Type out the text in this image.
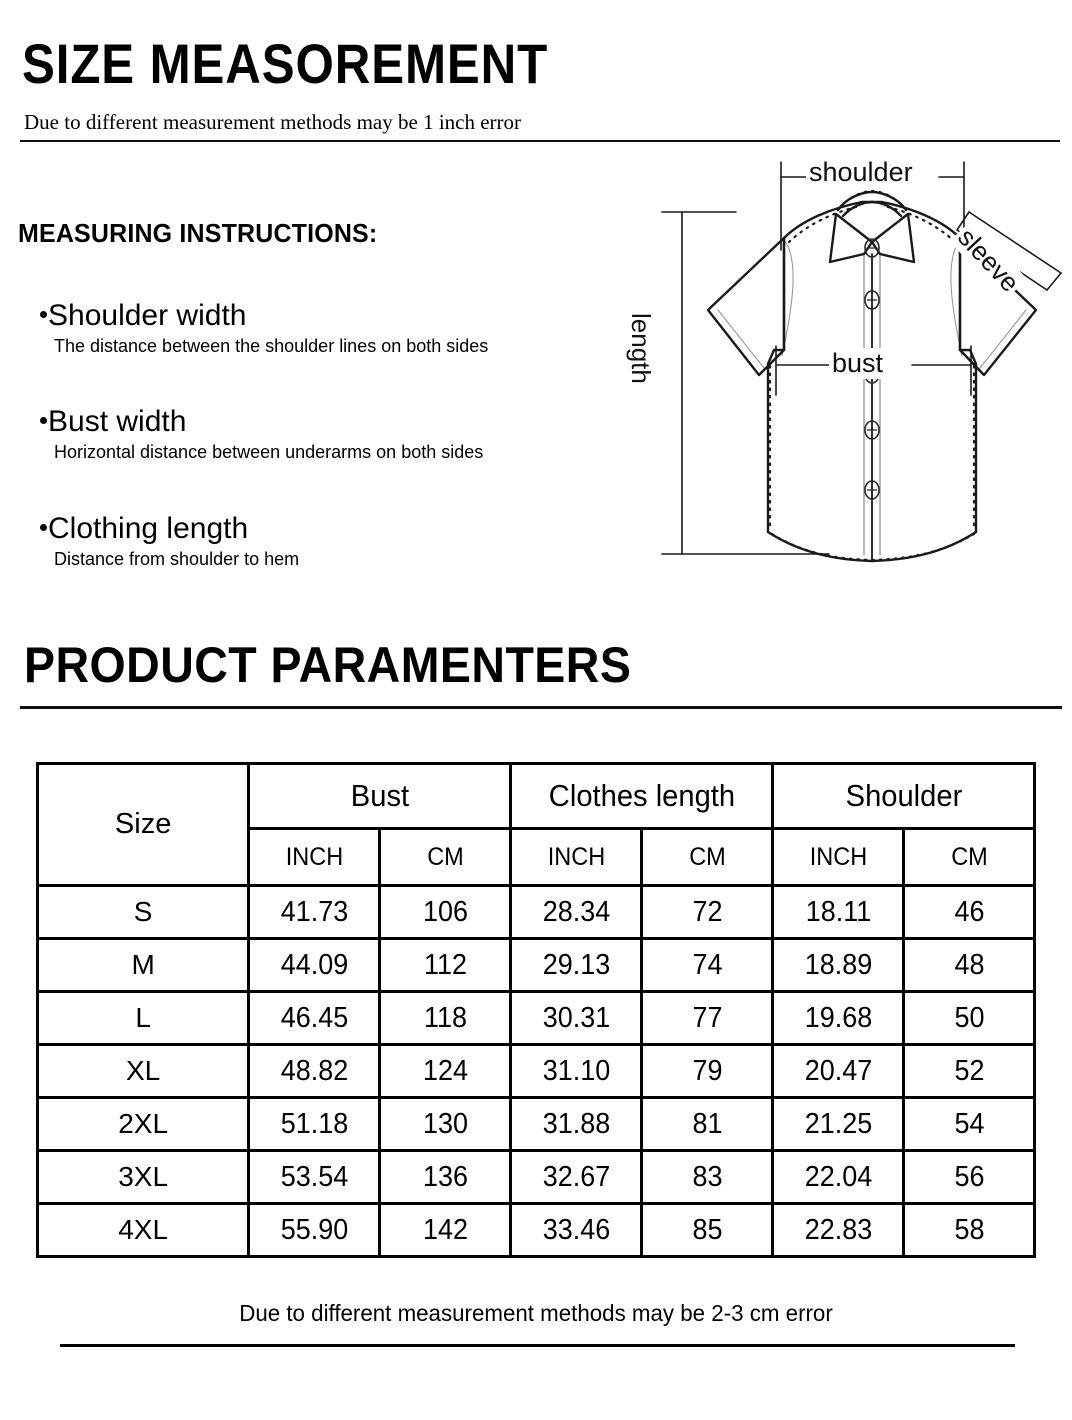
SIZE MEASOREMENT
Due to different measurement methods may be 1 inch error
MEASURING INSTRUCTIONS:
Shoulder width
The distance between the shoulder lines on both sides
Bust width
Horizontal distance between underarms on both sides
Clothing length
Distance from shoulder to hem
shoulder
bust
sleeve
length
PRODUCT PARAMENTERS
Size	Bust		Clothes length		Shoulder	
	INCH	CM	INCH	CM	INCH	CM
S	41.73	106	28.34	72	18.11	46
M	44.09	112	29.13	74	18.89	48
L	46.45	118	30.31	77	19.68	50
XL	48.82	124	31.10	79	20.47	52
2XL	51.18	130	31.88	81	21.25	54
3XL	53.54	136	32.67	83	22.04	56
4XL	55.90	142	33.46	85	22.83	58
Due to different measurement methods may be 2-3 cm error
